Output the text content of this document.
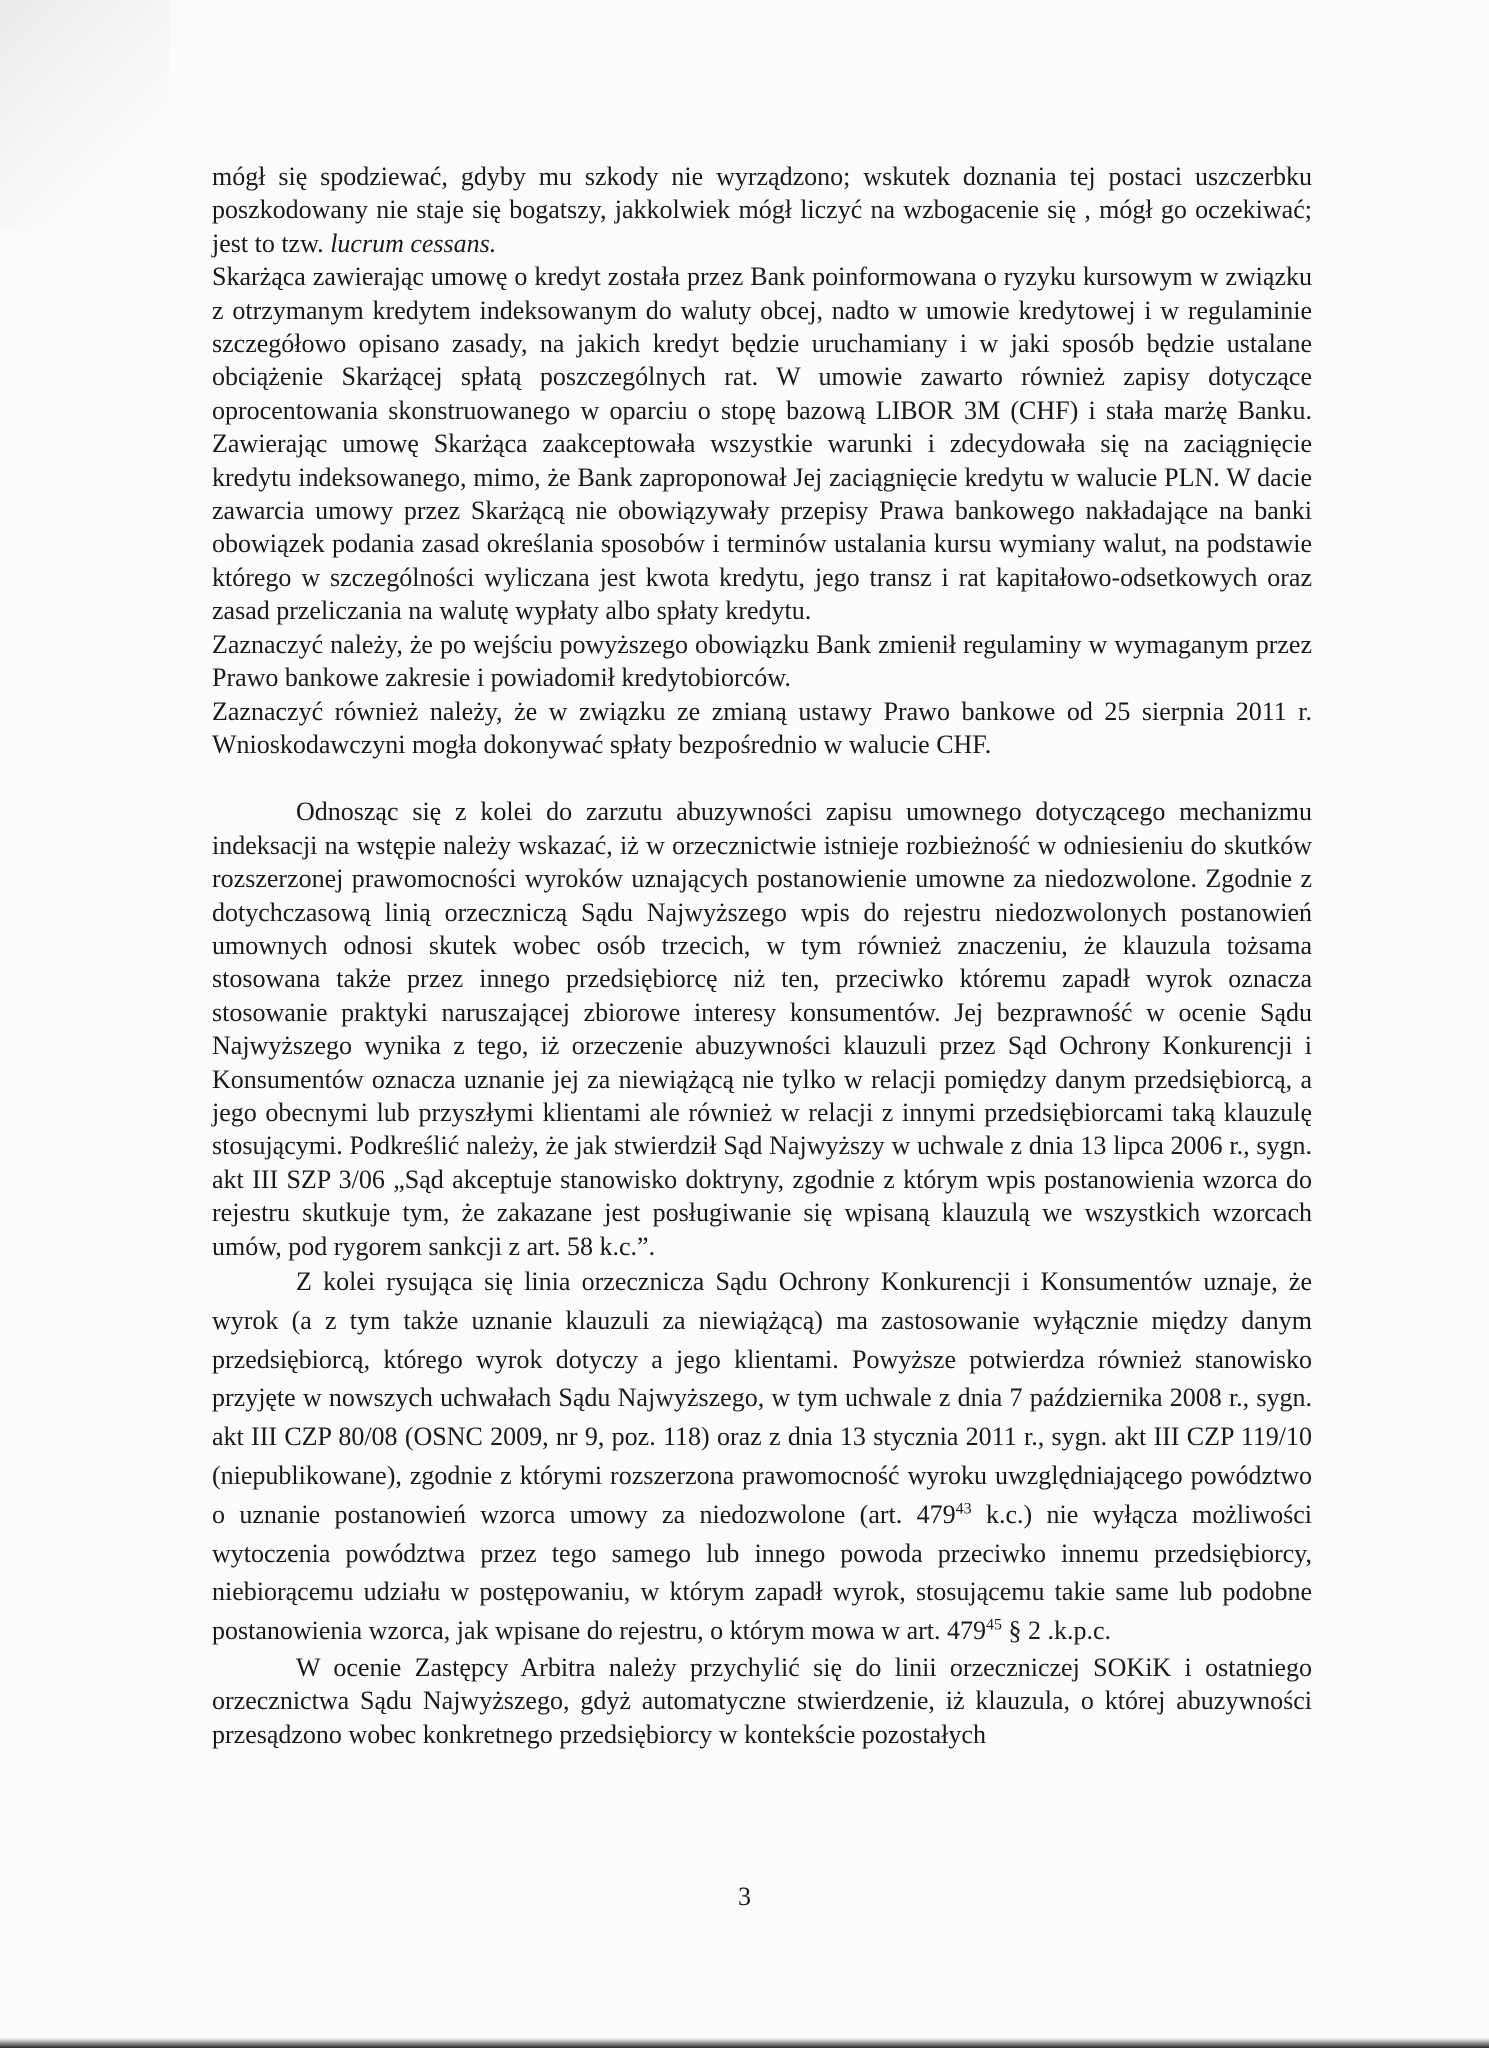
mógł się spodziewać, gdyby mu szkody nie wyrządzono; wskutek doznania tej postaci uszczerbku poszkodowany nie staje się bogatszy, jakkolwiek mógł liczyć na wzbogacenie się , mógł go oczekiwać; jest to tzw. lucrum cessans.

Skarżąca zawierając umowę o kredyt została przez Bank poinformowana o ryzyku kursowym w związku z otrzymanym kredytem indeksowanym do waluty obcej, nadto w umowie kredytowej i w regulaminie szczegółowo opisano zasady, na jakich kredyt będzie uruchamiany i w jaki sposób będzie ustalane obciążenie Skarżącej spłatą poszczególnych rat. W umowie zawarto również zapisy dotyczące oprocentowania skonstruowanego w oparciu o stopę bazową LIBOR 3M (CHF) i stała marżę Banku. Zawierając umowę Skarżąca zaakceptowała wszystkie warunki i zdecydowała się na zaciągnięcie kredytu indeksowanego, mimo, że Bank zaproponował Jej zaciągnięcie kredytu w walucie PLN. W dacie zawarcia umowy przez Skarżącą nie obowiązywały przepisy Prawa bankowego nakładające na banki obowiązek podania zasad określania sposobów i terminów ustalania kursu wymiany walut, na podstawie którego w szczególności wyliczana jest kwota kredytu, jego transz i rat kapitałowo-odsetkowych oraz zasad przeliczania na walutę wypłaty albo spłaty kredytu.

Zaznaczyć należy, że po wejściu powyższego obowiązku Bank zmienił regulaminy w wymaganym przez Prawo bankowe zakresie i powiadomił kredytobiorców.

Zaznaczyć również należy, że w związku ze zmianą ustawy Prawo bankowe od 25 sierpnia 2011 r. Wnioskodawczyni mogła dokonywać spłaty bezpośrednio w walucie CHF.

Odnosząc się z kolei do zarzutu abuzywności zapisu umownego dotyczącego mechanizmu indeksacji na wstępie należy wskazać, iż w orzecznictwie istnieje rozbieżność w odniesieniu do skutków rozszerzonej prawomocności wyroków uznających postanowienie umowne za niedozwolone. Zgodnie z dotychczasową linią orzeczniczą Sądu Najwyższego wpis do rejestru niedozwolonych postanowień umownych odnosi skutek wobec osób trzecich, w tym również znaczeniu, że klauzula tożsama stosowana także przez innego przedsiębiorcę niż ten, przeciwko któremu zapadł wyrok oznacza stosowanie praktyki naruszającej zbiorowe interesy konsumentów. Jej bezprawność w ocenie Sądu Najwyższego wynika z tego, iż orzeczenie abuzywności klauzuli przez Sąd Ochrony Konkurencji i Konsumentów oznacza uznanie jej za niewiążącą nie tylko w relacji pomiędzy danym przedsiębiorcą, a jego obecnymi lub przyszłymi klientami ale również w relacji z innymi przedsiębiorcami taką klauzulę stosującymi. Podkreślić należy, że jak stwierdził Sąd Najwyższy w uchwale z dnia 13 lipca 2006 r., sygn. akt III SZP 3/06 „Sąd akceptuje stanowisko doktryny, zgodnie z którym wpis postanowienia wzorca do rejestru skutkuje tym, że zakazane jest posługiwanie się wpisaną klauzulą we wszystkich wzorcach umów, pod rygorem sankcji z art. 58 k.c.”.

Z kolei rysująca się linia orzecznicza Sądu Ochrony Konkurencji i Konsumentów uznaje, że wyrok (a z tym także uznanie klauzuli za niewiążącą) ma zastosowanie wyłącznie między danym przedsiębiorcą, którego wyrok dotyczy a jego klientami. Powyższe potwierdza również stanowisko przyjęte w nowszych uchwałach Sądu Najwyższego, w tym uchwale z dnia 7 października 2008 r., sygn. akt III CZP 80/08 (OSNC 2009, nr 9, poz. 118) oraz z dnia 13 stycznia 2011 r., sygn. akt III CZP 119/10 (niepublikowane), zgodnie z którymi rozszerzona prawomocność wyroku uwzględniającego powództwo o uznanie postanowień wzorca umowy za niedozwolone (art. $479^{43}$ k.c.) nie wyłącza możliwości wytoczenia powództwa przez tego samego lub innego powoda przeciwko innemu przedsiębiorcy, niebiorącemu udziału w postępowaniu, w którym zapadł wyrok, stosującemu takie same lub podobne postanowienia wzorca, jak wpisane do rejestru, o którym mowa w art. $479^{45}$ § 2 .k.p.c.

W ocenie Zastępcy Arbitra należy przychylić się do linii orzeczniczej SOKiK i ostatniego orzecznictwa Sądu Najwyższego, gdyż automatyczne stwierdzenie, iż klauzula, o której abuzywności przesądzono wobec konkretnego przedsiębiorcy w kontekście pozostałych

3
